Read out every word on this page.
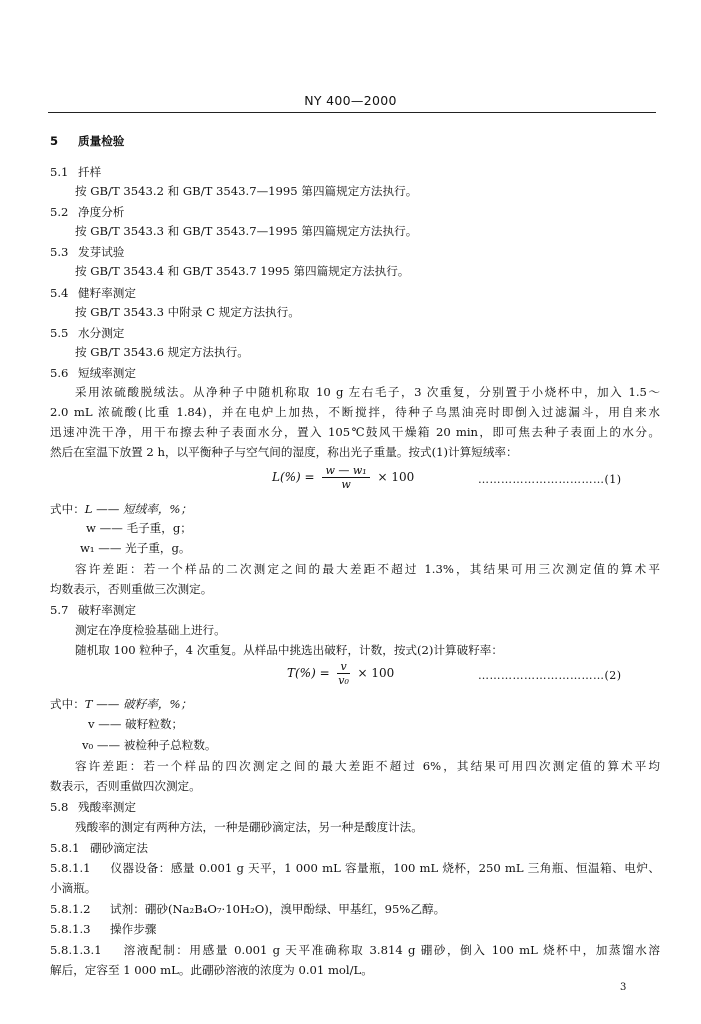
NY 400—2000
5 质量检验
5.1 扦样
按 GB/T 3543.2 和 GB/T 3543.7—1995 第四篇规定方法执行。
5.2 净度分析
按 GB/T 3543.3 和 GB/T 3543.7—1995 第四篇规定方法执行。
5.3 发芽试验
按 GB/T 3543.4 和 GB/T 3543.7 1995 第四篇规定方法执行。
5.4 健籽率测定
按 GB/T 3543.3 中附录 C 规定方法执行。
5.5 水分测定
按 GB/T 3543.6 规定方法执行。
5.6 短绒率测定
采用浓硫酸脱绒法。从净种子中随机称取 10 g 左右毛子，3 次重复，分别置于小烧杯中，加入 1.5～
2.0 mL 浓硫酸(比重 1.84)，并在电炉上加热，不断搅拌，待种子乌黑油亮时即倒入过滤漏斗，用自来水
迅速冲洗干净，用干布擦去种子表面水分，置入 105℃鼓风干燥箱 20 min，即可焦去种子表面上的水分。
然后在室温下放置 2 h，以平衡种子与空气间的湿度，称出光子重量。按式(1)计算短绒率：
$L(\%) = \frac{\text{w — w₁}}{w} \times 100$	……………………………(1)
式中：L —— 短绒率，%；
w —— 毛子重，g；
w₁ —— 光子重，g。
容许差距：若一个样品的二次测定之间的最大差距不超过 1.3%，其结果可用三次测定值的算术平
均数表示，否则重做三次测定。
5.7 破籽率测定
测定在净度检验基础上进行。
随机取 100 粒种子，4 次重复。从样品中挑选出破籽，计数，按式(2)计算破籽率：
$T(\%) = \frac{v}{\text{v₀}} \times 100$	……………………………(2)
式中：T —— 破籽率，%；
v —— 破籽粒数；
v₀ —— 被检种子总粒数。
容许差距：若一个样品的四次测定之间的最大差距不超过 6%，其结果可用四次测定值的算术平均
数表示，否则重做四次测定。
5.8 残酸率测定
残酸率的测定有两种方法，一种是硼砂滴定法，另一种是酸度计法。
5.8.1 硼砂滴定法
5.8.1.1 仪器设备：感量 0.001 g 天平，1 000 mL 容量瓶，100 mL 烧杯，250 mL 三角瓶、恒温箱、电炉、
小滴瓶。
5.8.1.2 试剂：硼砂(Na₂B₄O₇·10H₂O)，溴甲酚绿、甲基红，95%乙醇。
5.8.1.3 操作步骤
5.8.1.3.1 溶液配制：用感量 0.001 g 天平准确称取 3.814 g 硼砂，倒入 100 mL 烧杯中，加蒸馏水溶
解后，定容至 1 000 mL。此硼砂溶液的浓度为 0.01 mol/L。
3
